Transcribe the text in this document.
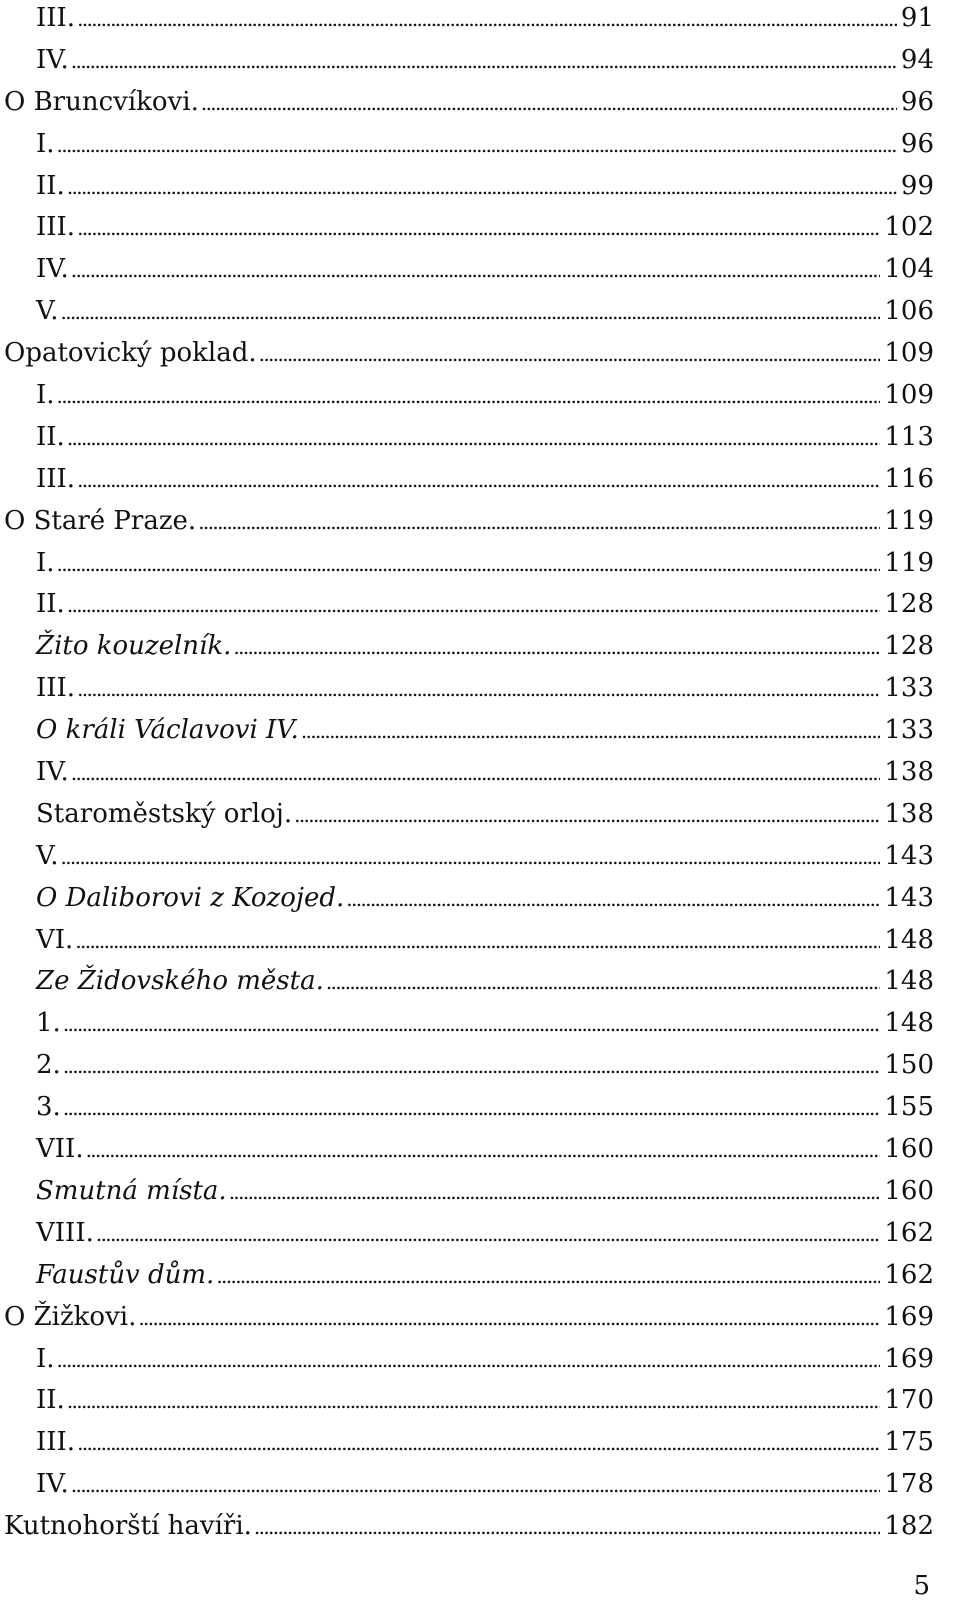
III. . . .	91
IV. . . .	94
O Bruncvíkovi. . . .	96
I. . . .	96
II. . . .	99
III. . . .	102
IV. . . .	104
V. . . .	106
Opatovický poklad. . . .	109
I. . . .	109
II. . . .	113
III. . . .	116
O Staré Praze. . . .	119
I. . . .	119
II. . . .	128
Žito kouzelník. . . .	128
III. . . .	133
O králi Václavovi IV. . . .	133
IV. . . .	138
Staroměstský orloj. . . .	138
V. . . .	143
O Daliborovi z Kozojed. . . .	143
VI. . . .	148
Ze Židovského města. . . .	148
1. . . .	148
2. . . .	150
3. . . .	155
VII. . . .	160
Smutná místa. . . .	160
VIII. . . .	162
Faustův dům. . . .	162
O Žižkovi. . . .	169
I. . . .	169
II. . . .	170
III. . . .	175
IV. . . .	178
Kutnohorští havíři. . . .	182
5
